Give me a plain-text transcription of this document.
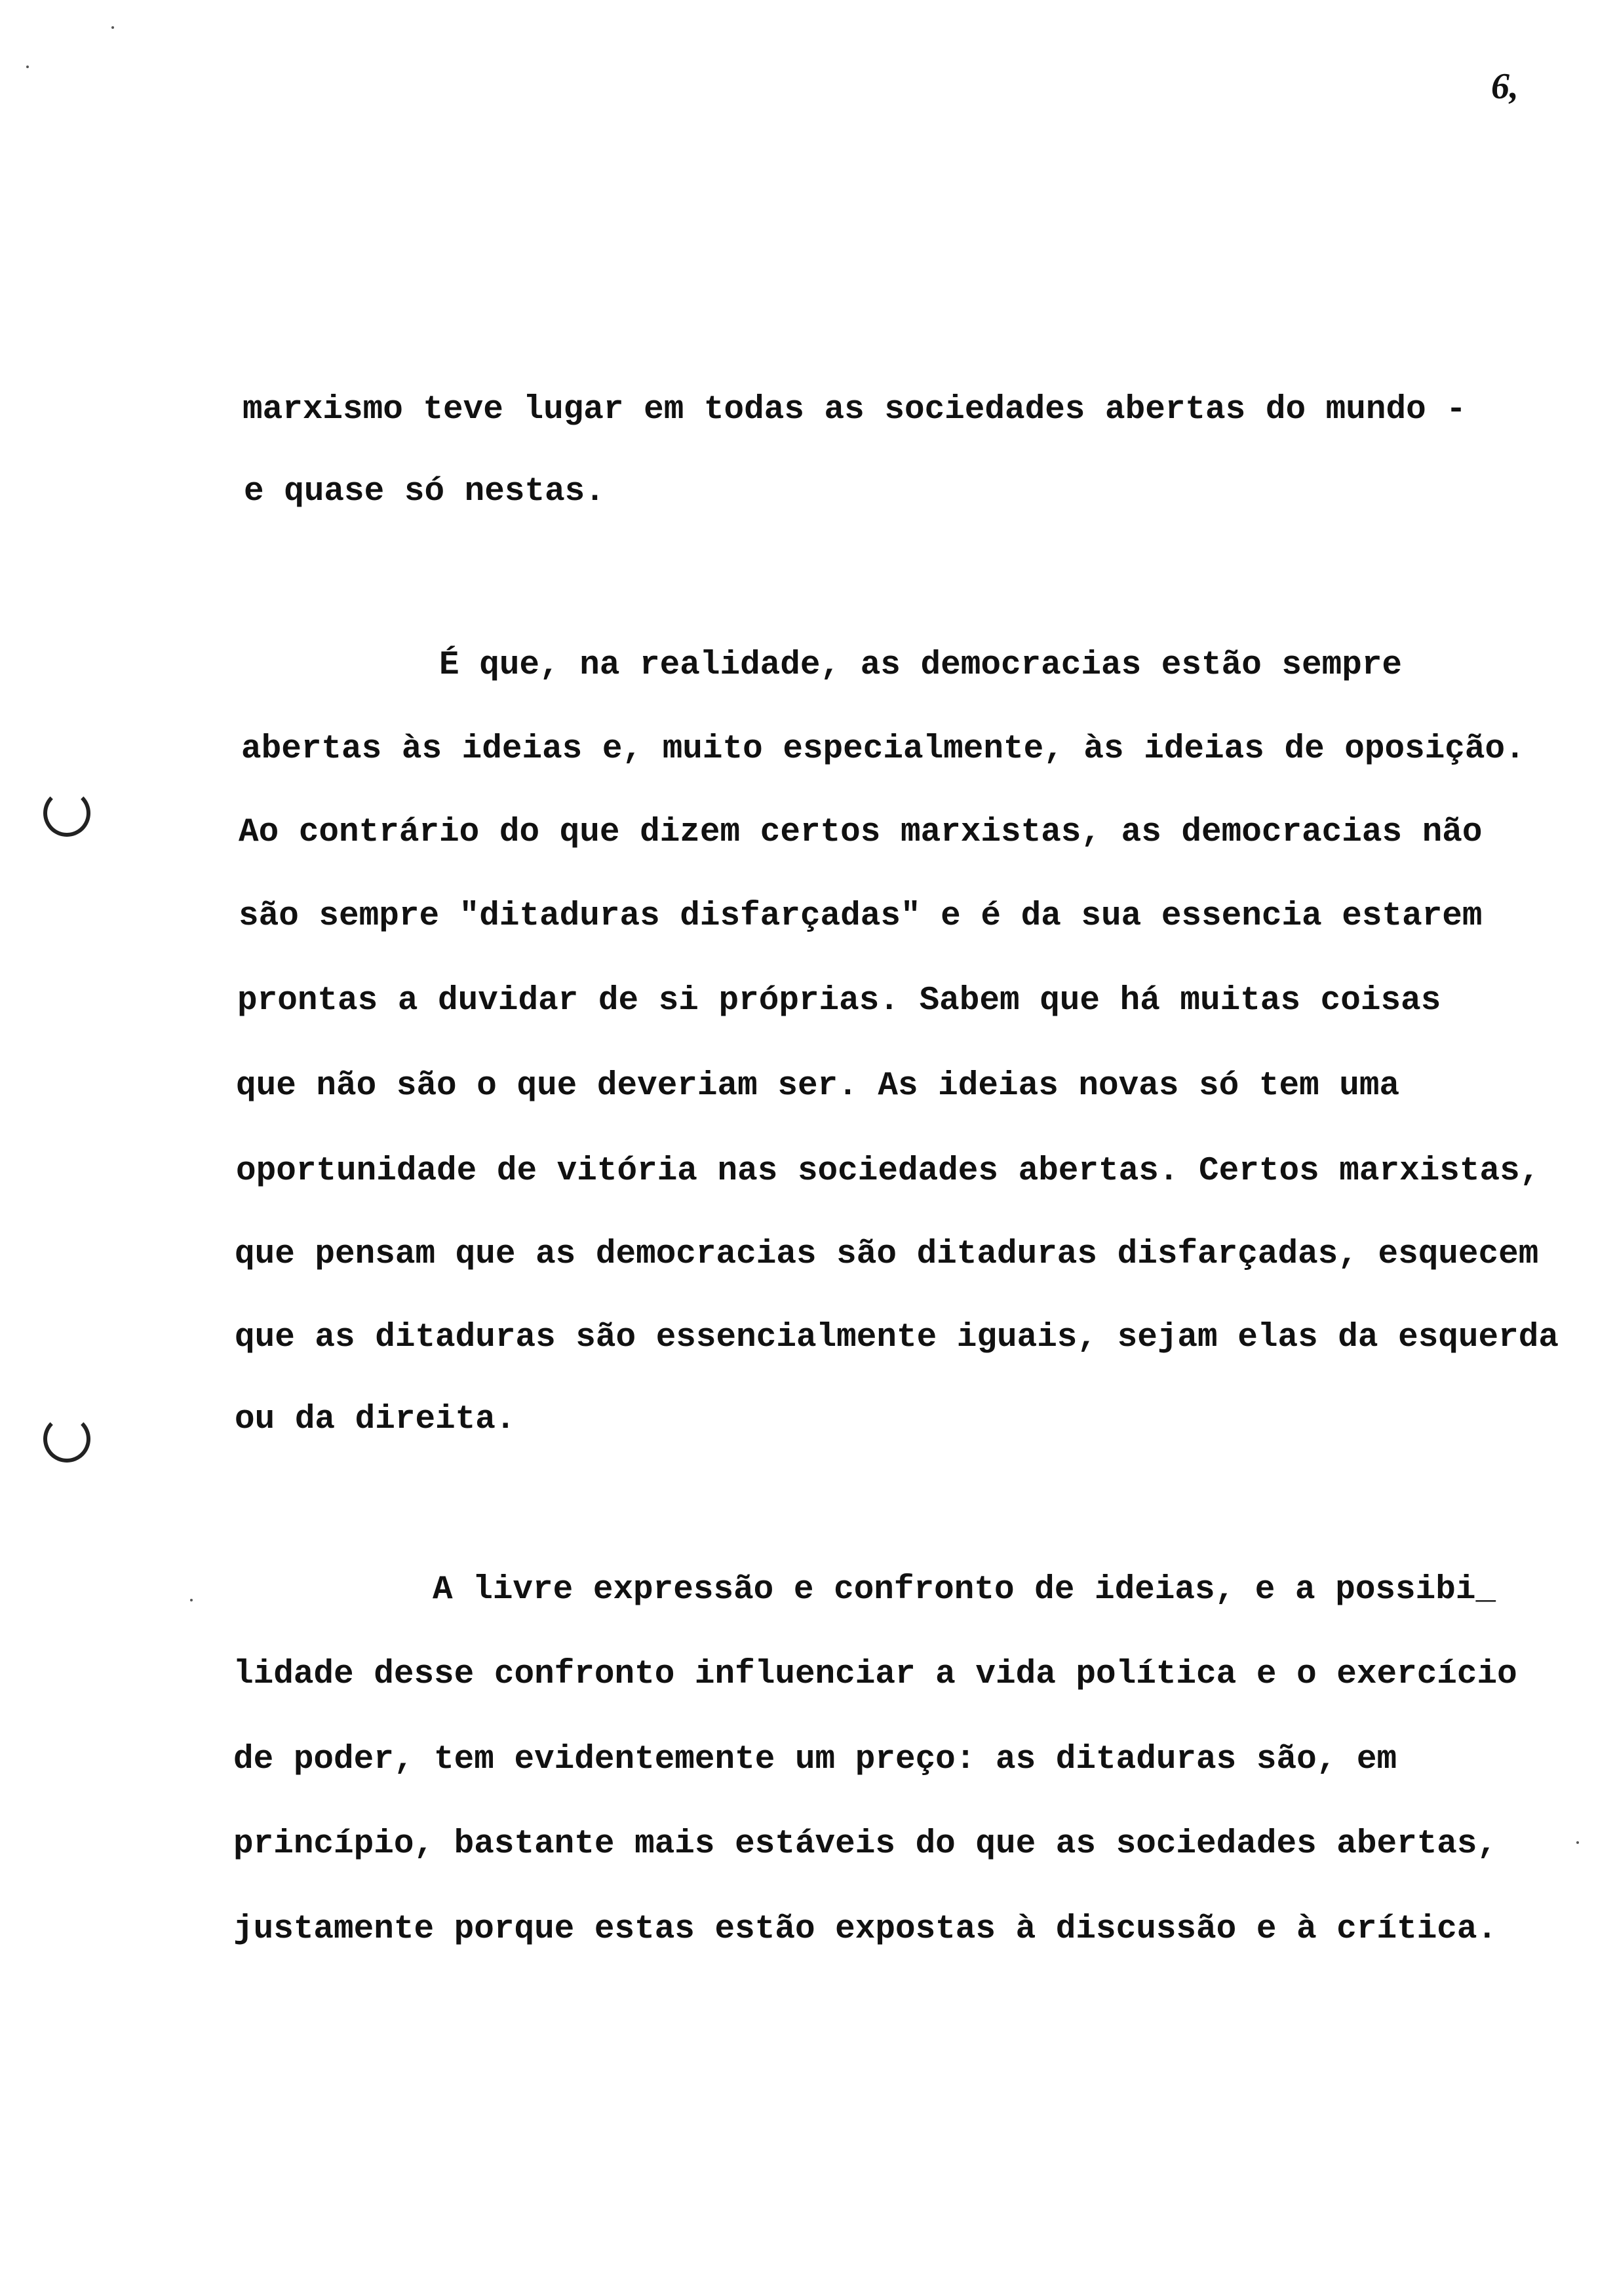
6,
marxismo teve lugar em todas as sociedades abertas do mundo -
e quase só nestas.
É que, na realidade, as democracias estão sempre
abertas às ideias e, muito especialmente, às ideias de oposição.
Ao contrário do que dizem certos marxistas, as democracias não
são sempre "ditaduras disfarçadas" e é da sua essencia estarem
prontas a duvidar de si próprias. Sabem que há muitas coisas
que não são o que deveriam ser. As ideias novas só tem uma
oportunidade de vitória nas sociedades abertas. Certos marxistas,
que pensam que as democracias são ditaduras disfarçadas, esquecem
que as ditaduras são essencialmente iguais, sejam elas da esquerda
ou da direita.
A livre expressão e confronto de ideias, e a possibi_
lidade desse confronto influenciar a vida política e o exercício
de poder, tem evidentemente um preço: as ditaduras são, em
princípio, bastante mais estáveis do que as sociedades abertas,
justamente porque estas estão expostas à discussão e à crítica.
